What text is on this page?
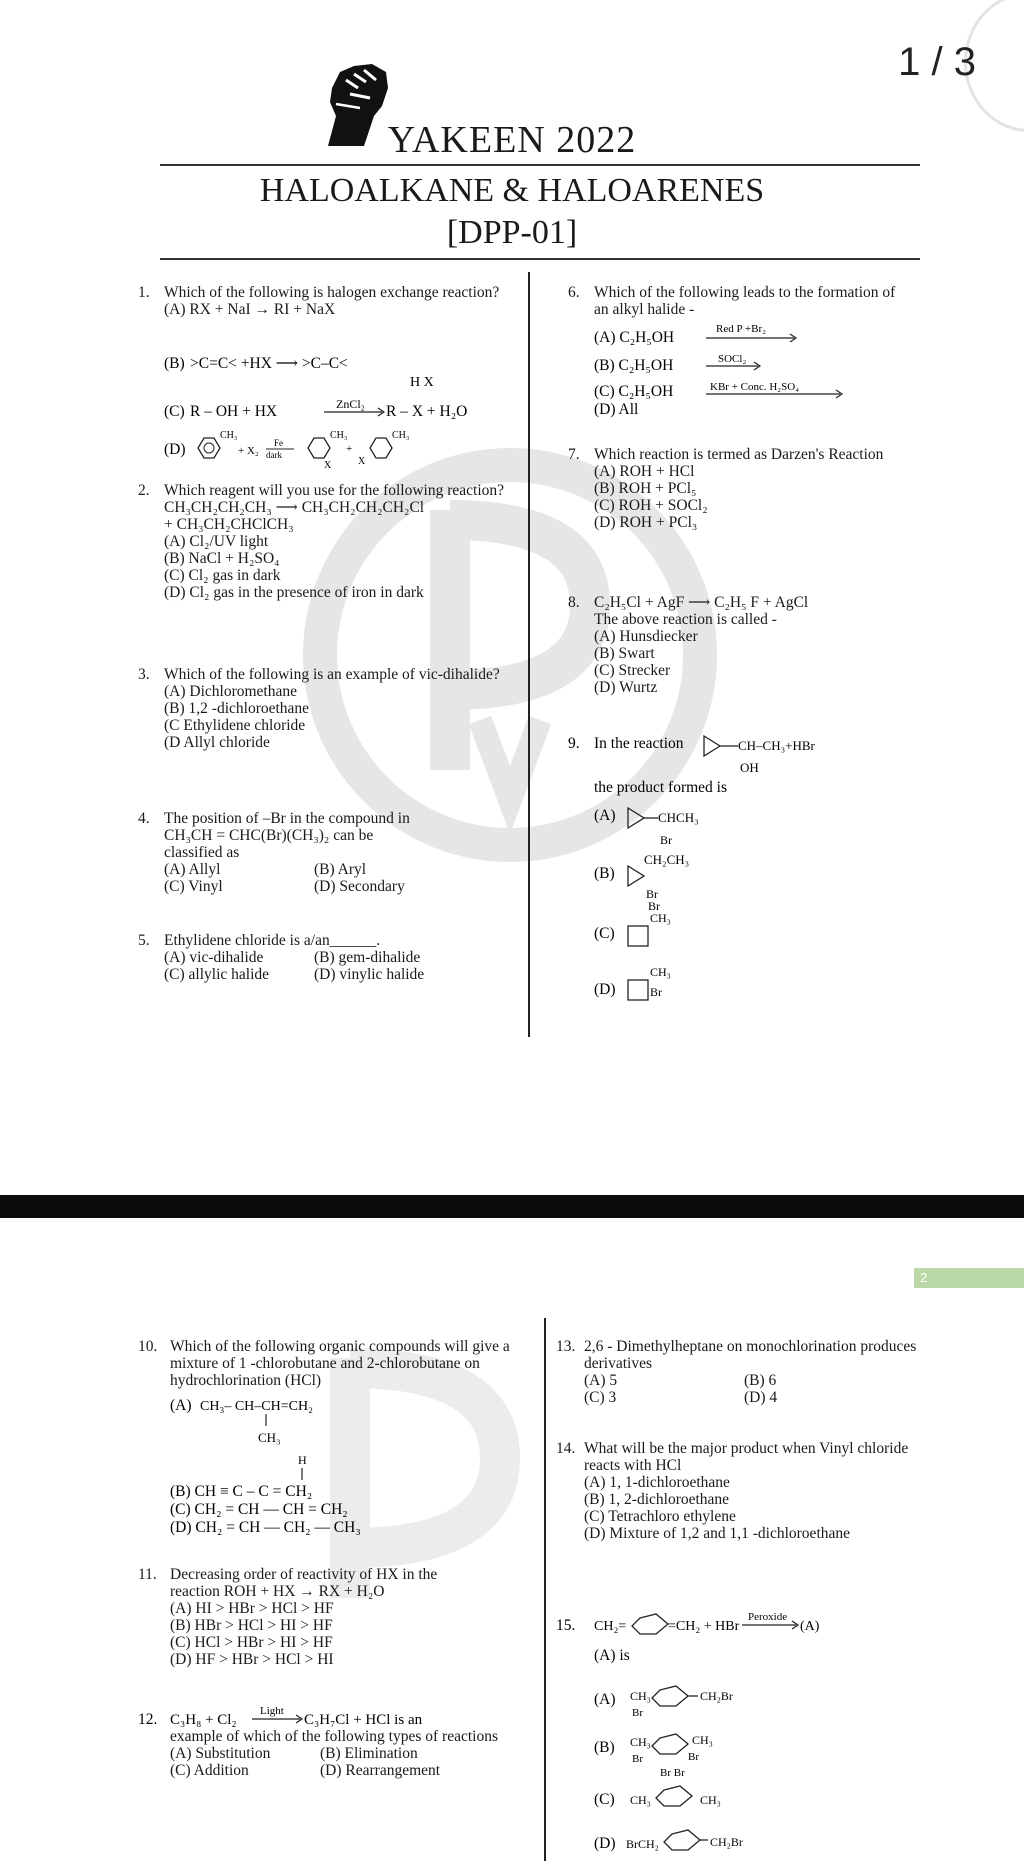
1 / 3
YAKEEN 2022
HALOALKANE & HALOARENES
[DPP-01]
1. Which of the following is halogen exchange reaction?
(A) RX + NaI → RI + NaX
(B) >C=C< +HX ⟶ >C–C<
H X
(C) R – OH + HX	ZnCl₂ R – X + H₂O
(D)
CH₃
+ X₂
Fe
dark
CH₃
X
+
X
CH₃
2. Which reagent will you use for the following reaction?
CH₃CH₂CH₂CH₃ ⟶ CH₃CH₂CH₂CH₂Cl
+ CH₃CH₂CHClCH₃
(A) Cl₂/UV light
(B) NaCl + H₂SO₄
(C) Cl₂ gas in dark
(D) Cl₂ gas in the presence of iron in dark
3. Which of the following is an example of vic-dihalide?
(A) Dichloromethane
(B) 1,2 -dichloroethane
(C Ethylidene chloride
(D Allyl chloride
4. The position of –Br in the compound in
CH₃CH = CHC(Br)(CH₃)₂ can be
classified as
(A) Allyl	(B) Aryl
(C) Vinyl	(D) Secondary
5. Ethylidene chloride is a/an______.
(A) vic-dihalide	(B) gem-dihalide
(C) allylic halide	(D) vinylic halide
6. Which of the following leads to the formation of an alkyl halide -
(A) C₂H₅OH	Red P +Br₂
(B) C₂H₅OH	SOCl₂
(C) C₂H₅OH	KBr + Conc. H₂SO₄
(D) All
7. Which reaction is termed as Darzen's Reaction
(A) ROH + HCl
(B) ROH + PCl₅
(C) ROH + SOCl₂
(D) ROH + PCl₃
8. C₂H₅Cl + AgF ⟶ C₂H₅ F + AgCl
The above reaction is called -
(A) Hunsdiecker
(B) Swart
(C) Strecker
(D) Wurtz
9. In the reaction	CH–CH₃+HBr
OH
the product formed is
(A)	CHCH₃
Br
(B)
CH₂CH₃
Br
(C)
CH₃
Br
(D)
CH₃
Br
10. Which of the following organic compounds will give a mixture of 1 -chlorobutane and 2-chlorobutane on hydrochlorination (HCl)
(A) CH₃– CH–CH=CH₂
CH₃
H
(B) CH ≡ C – C = CH₂
(C) CH₂ = CH — CH = CH₂
(D) CH₂ = CH — CH₂ — CH₃
11. Decreasing order of reactivity of HX in the
reaction ROH + HX → RX + H₂O
(A) HI > HBr > HCl > HF
(B) HBr > HCl > HI > HF
(C) HCl > HBr > HI > HF
(D) HF > HBr > HCl > HI
12. C₃H₈ + Cl₂
Light
C₃H₇Cl + HCl is an
example of which of the following types of reactions
(A) Substitution	(B) Elimination
(C) Addition	(D) Rearrangement
13. 2,6 - Dimethylheptane on monochlorination produces derivatives
(A) 5	(B) 6
(C) 3	(D) 4
14. What will be the major product when Vinyl chloride reacts with HCl
(A) 1, 1-dichloroethane
(B) 1, 2-dichloroethane
(C) Tetrachloro ethylene
(D) Mixture of 1,2 and 1,1 -dichloroethane
15. CH₂=	=CH₂ + HBr
Peroxide
(A)
(A) is
(A) CH₃
Br
CH₂Br
(B) CH₃
Br
CH₃
Br
Br Br
(C) CH₃	CH₃
(D) BrCH₂	CH₂Br
2
